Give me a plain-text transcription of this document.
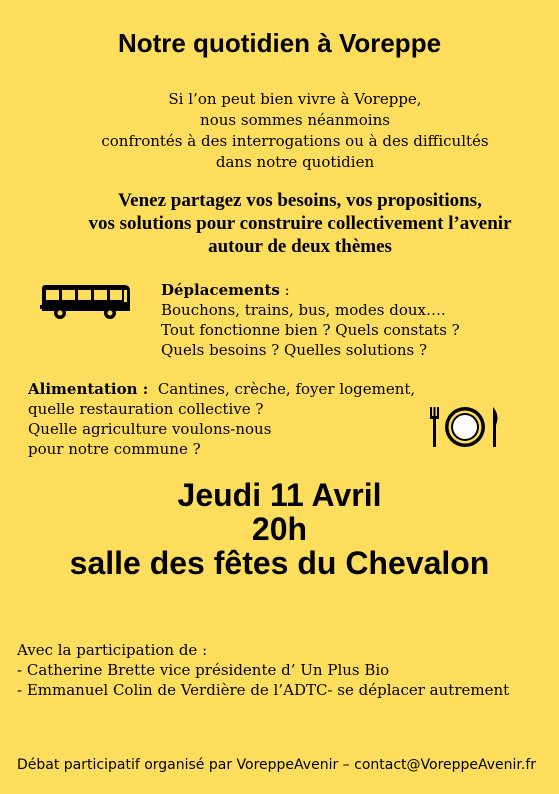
Notre quotidien à Voreppe
Si l’on peut bien vivre à Voreppe,
nous sommes néanmoins
confrontés à des interrogations ou à des difficultés
dans notre quotidien
Venez partagez vos besoins, vos propositions,
vos solutions pour construire collectivement l’avenir
autour de deux thèmes
Déplacements :
Bouchons, trains, bus, modes doux….
Tout fonctionne bien ? Quels constats ?
Quels besoins ? Quelles solutions ?
Alimentation : Cantines, crèche, foyer logement,
quelle restauration collective ?
Quelle agriculture voulons-nous
pour notre commune ?
Jeudi 11 Avril
20h
salle des fêtes du Chevalon
Avec la participation de :
- Catherine Brette vice présidente d’ Un Plus Bio
- Emmanuel Colin de Verdière de l’ADTC- se déplacer autrement
Débat participatif organisé par VoreppeAvenir – contact@VoreppeAvenir.fr
